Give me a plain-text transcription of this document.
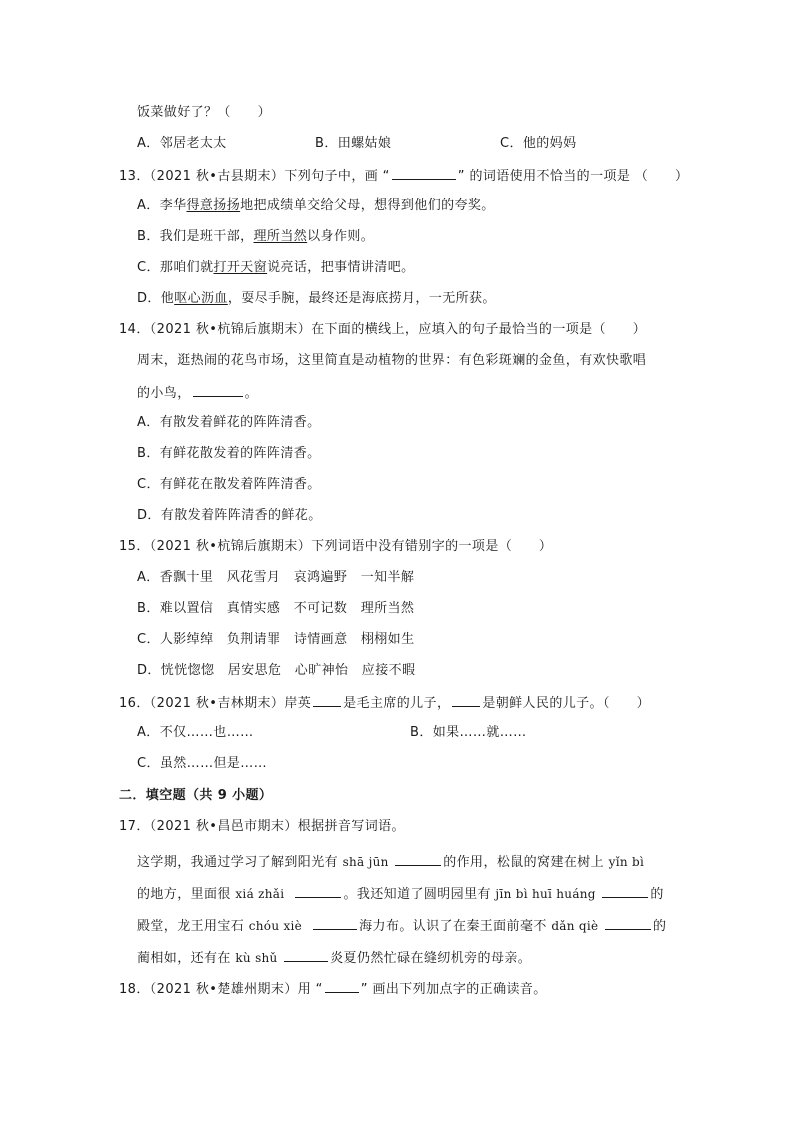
饭菜做好了？（　　）
A．邻居老太太	B．田螺姑娘	C．他的妈妈
13．（2021 秋•古县期末）下列句子中，画 “	” 的词语使用不恰当的一项是 （　　）
A．李华得意扬扬地把成绩单交给父母，想得到他们的夸奖。
B．我们是班干部，理所当然以身作则。
C．那咱们就打开天窗说亮话，把事情讲清吧。
D．他呕心沥血，耍尽手腕，最终还是海底捞月，一无所获。
14．（2021 秋•杭锦后旗期末）在下面的横线上，应填入的句子最恰当的一项是（　　）
周末，逛热闹的花鸟市场，这里简直是动植物的世界：有色彩斑斓的金鱼，有欢快歌唱
的小鸟，	。
A．有散发着鲜花的阵阵清香。
B．有鲜花散发着的阵阵清香。
C．有鲜花在散发着阵阵清香。
D．有散发着阵阵清香的鲜花。
15．（2021 秋•杭锦后旗期末）下列词语中没有错别字的一项是（　　）
A．香飘十里　风花雪月　哀鸿遍野　一知半解
B．难以置信　真情实感　不可记数　理所当然
C．人影绰绰　负荆请罪　诗情画意　栩栩如生
D．恍恍惚惚　居安思危　心旷神怡　应接不暇
16．（2021 秋•吉林期末）岸英 是毛主席的儿子， 是朝鲜人民的儿子。（　　）
A．不仅……也……	B．如果……就……
C．虽然……但是……
二．填空题（共 9 小题）
17．（2021 秋•昌邑市期末）根据拼音写词语。
这学期，我通过学习了解到阳光有 shā jūn	的作用，松鼠的窝建在树上 yǐn bì
的地方，里面很 xiá zhǎi	。我还知道了圆明园里有 jīn bì huī huáng	的
殿堂，龙王用宝石 chóu xiè	海力布。认识了在秦王面前毫不 dǎn qiè	的
蔺相如，还有在 kù shǔ	炎夏仍然忙碌在缝纫机旁的母亲。
18．（2021 秋•楚雄州期末）用 “	” 画出下列加点字的正确读音。
